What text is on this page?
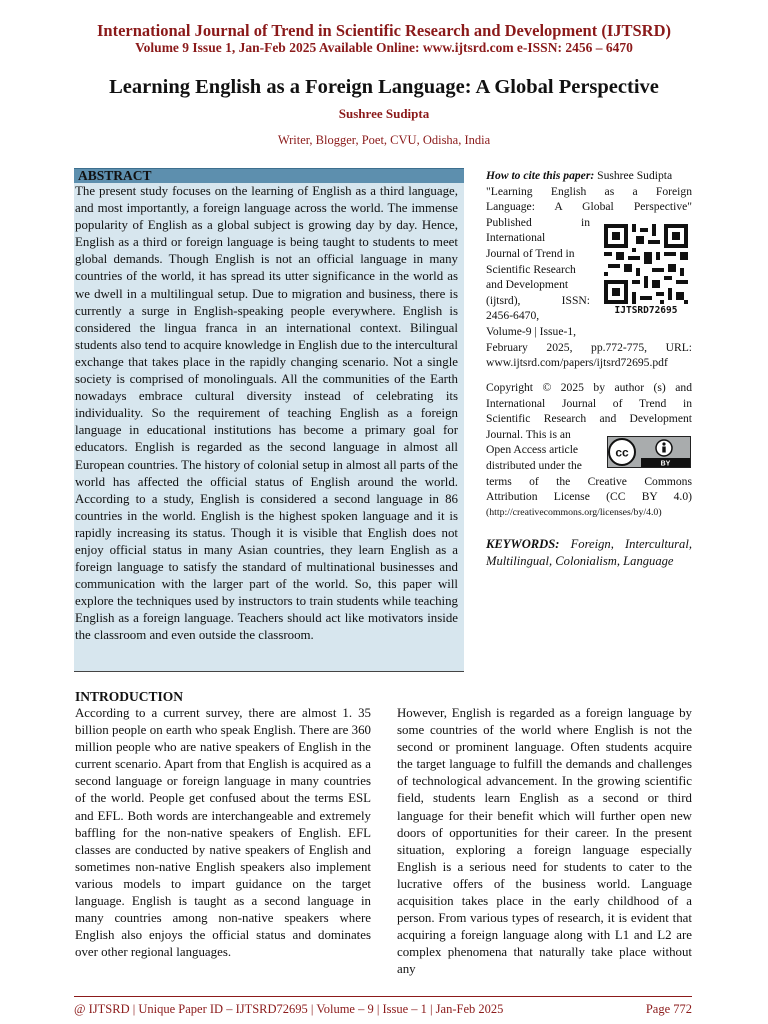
International Journal of Trend in Scientific Research and Development (IJTSRD)
Volume 9 Issue 1, Jan-Feb 2025 Available Online: www.ijtsrd.com e-ISSN: 2456 – 6470
Learning English as a Foreign Language: A Global Perspective
Sushree Sudipta
Writer, Blogger, Poet, CVU, Odisha, India
ABSTRACT
The present study focuses on the learning of English as a third language, and most importantly, a foreign language across the world. The immense popularity of English as a global subject is growing day by day. Hence, English as a third or foreign language is being taught to students to meet global demands. Though English is not an official language in many countries of the world, it has spread its utter significance in the world as we dwell in a multilingual setup. Due to migration and business, there is currently a surge in English-speaking people everywhere. English is considered the lingua franca in an international context. Bilingual students also tend to acquire knowledge in English due to the intercultural exchange that takes place in the rapidly changing scenario. Not a single society is comprised of monolinguals. All the communities of the Earth nowadays embrace cultural diversity instead of celebrating its individuality. So the requirement of teaching English as a foreign language in educational institutions has become a primary goal for educators. English is regarded as the second language in almost all European countries. The history of colonial setup in almost all parts of the world has affected the official status of English around the world. According to a study, English is considered a second language in 86 countries in the world. English is the highest spoken language and it is rapidly increasing its status. Though it is visible that English does not enjoy official status in many Asian countries, they learn English as a foreign language to satisfy the standard of multinational businesses and communication with the larger part of the world. So, this paper will explore the techniques used by instructors to train students while teaching English as a foreign language. Teachers should act like motivators inside the classroom and even outside the classroom.
How to cite this paper: Sushree Sudipta
"Learning English as a Foreign
Language: A Global Perspective"
Published in
International
Journal of Trend in
Scientific Research
and Development
(ijtsrd), ISSN:
2456-6470,
Volume-9 | Issue-1,
February 2025, pp.772-775, URL:
www.ijtsrd.com/papers/ijtsrd72695.pdf
IJTSRD72695
Copyright © 2025 by author (s) and
International Journal of Trend in
Scientific Research and Development
Journal. This is an
Open Access article
distributed under the
terms of the Creative Commons
Attribution License (CC BY 4.0)
(http://creativecommons.org/licenses/by/4.0)
cc
BY
KEYWORDS: Foreign, Intercultural, Multilingual, Colonialism, Language
INTRODUCTION
According to a current survey, there are almost 1. 35 billion people on earth who speak English. There are 360 million people who are native speakers of English in the current scenario. Apart from that English is acquired as a second language or foreign language in many countries of the world. People get confused about the terms ESL and EFL. Both words are interchangeable and extremely baffling for the non-native speakers of English. EFL classes are conducted by native speakers of English and sometimes non-native English speakers also implement various models to impart guidance on the target language. English is taught as a second language in many countries among non-native speakers where English also enjoys the official status and dominates over other regional languages.
However, English is regarded as a foreign language by some countries of the world where English is not the second or prominent language. Often students acquire the target language to fulfill the demands and challenges of technological advancement. In the growing scientific field, students learn English as a second or third language for their benefit which will further open new doors of opportunities for their career. In the present situation, exploring a foreign language especially English is a serious need for students to cater to the lucrative offers of the business world. Language acquisition takes place in the early childhood of a person. From various types of research, it is evident that acquiring a foreign language along with L1 and L2 are complex phenomena that naturally take place without any
@ IJTSRD | Unique Paper ID – IJTSRD72695 | Volume – 9 | Issue – 1 | Jan-Feb 2025	Page 772
